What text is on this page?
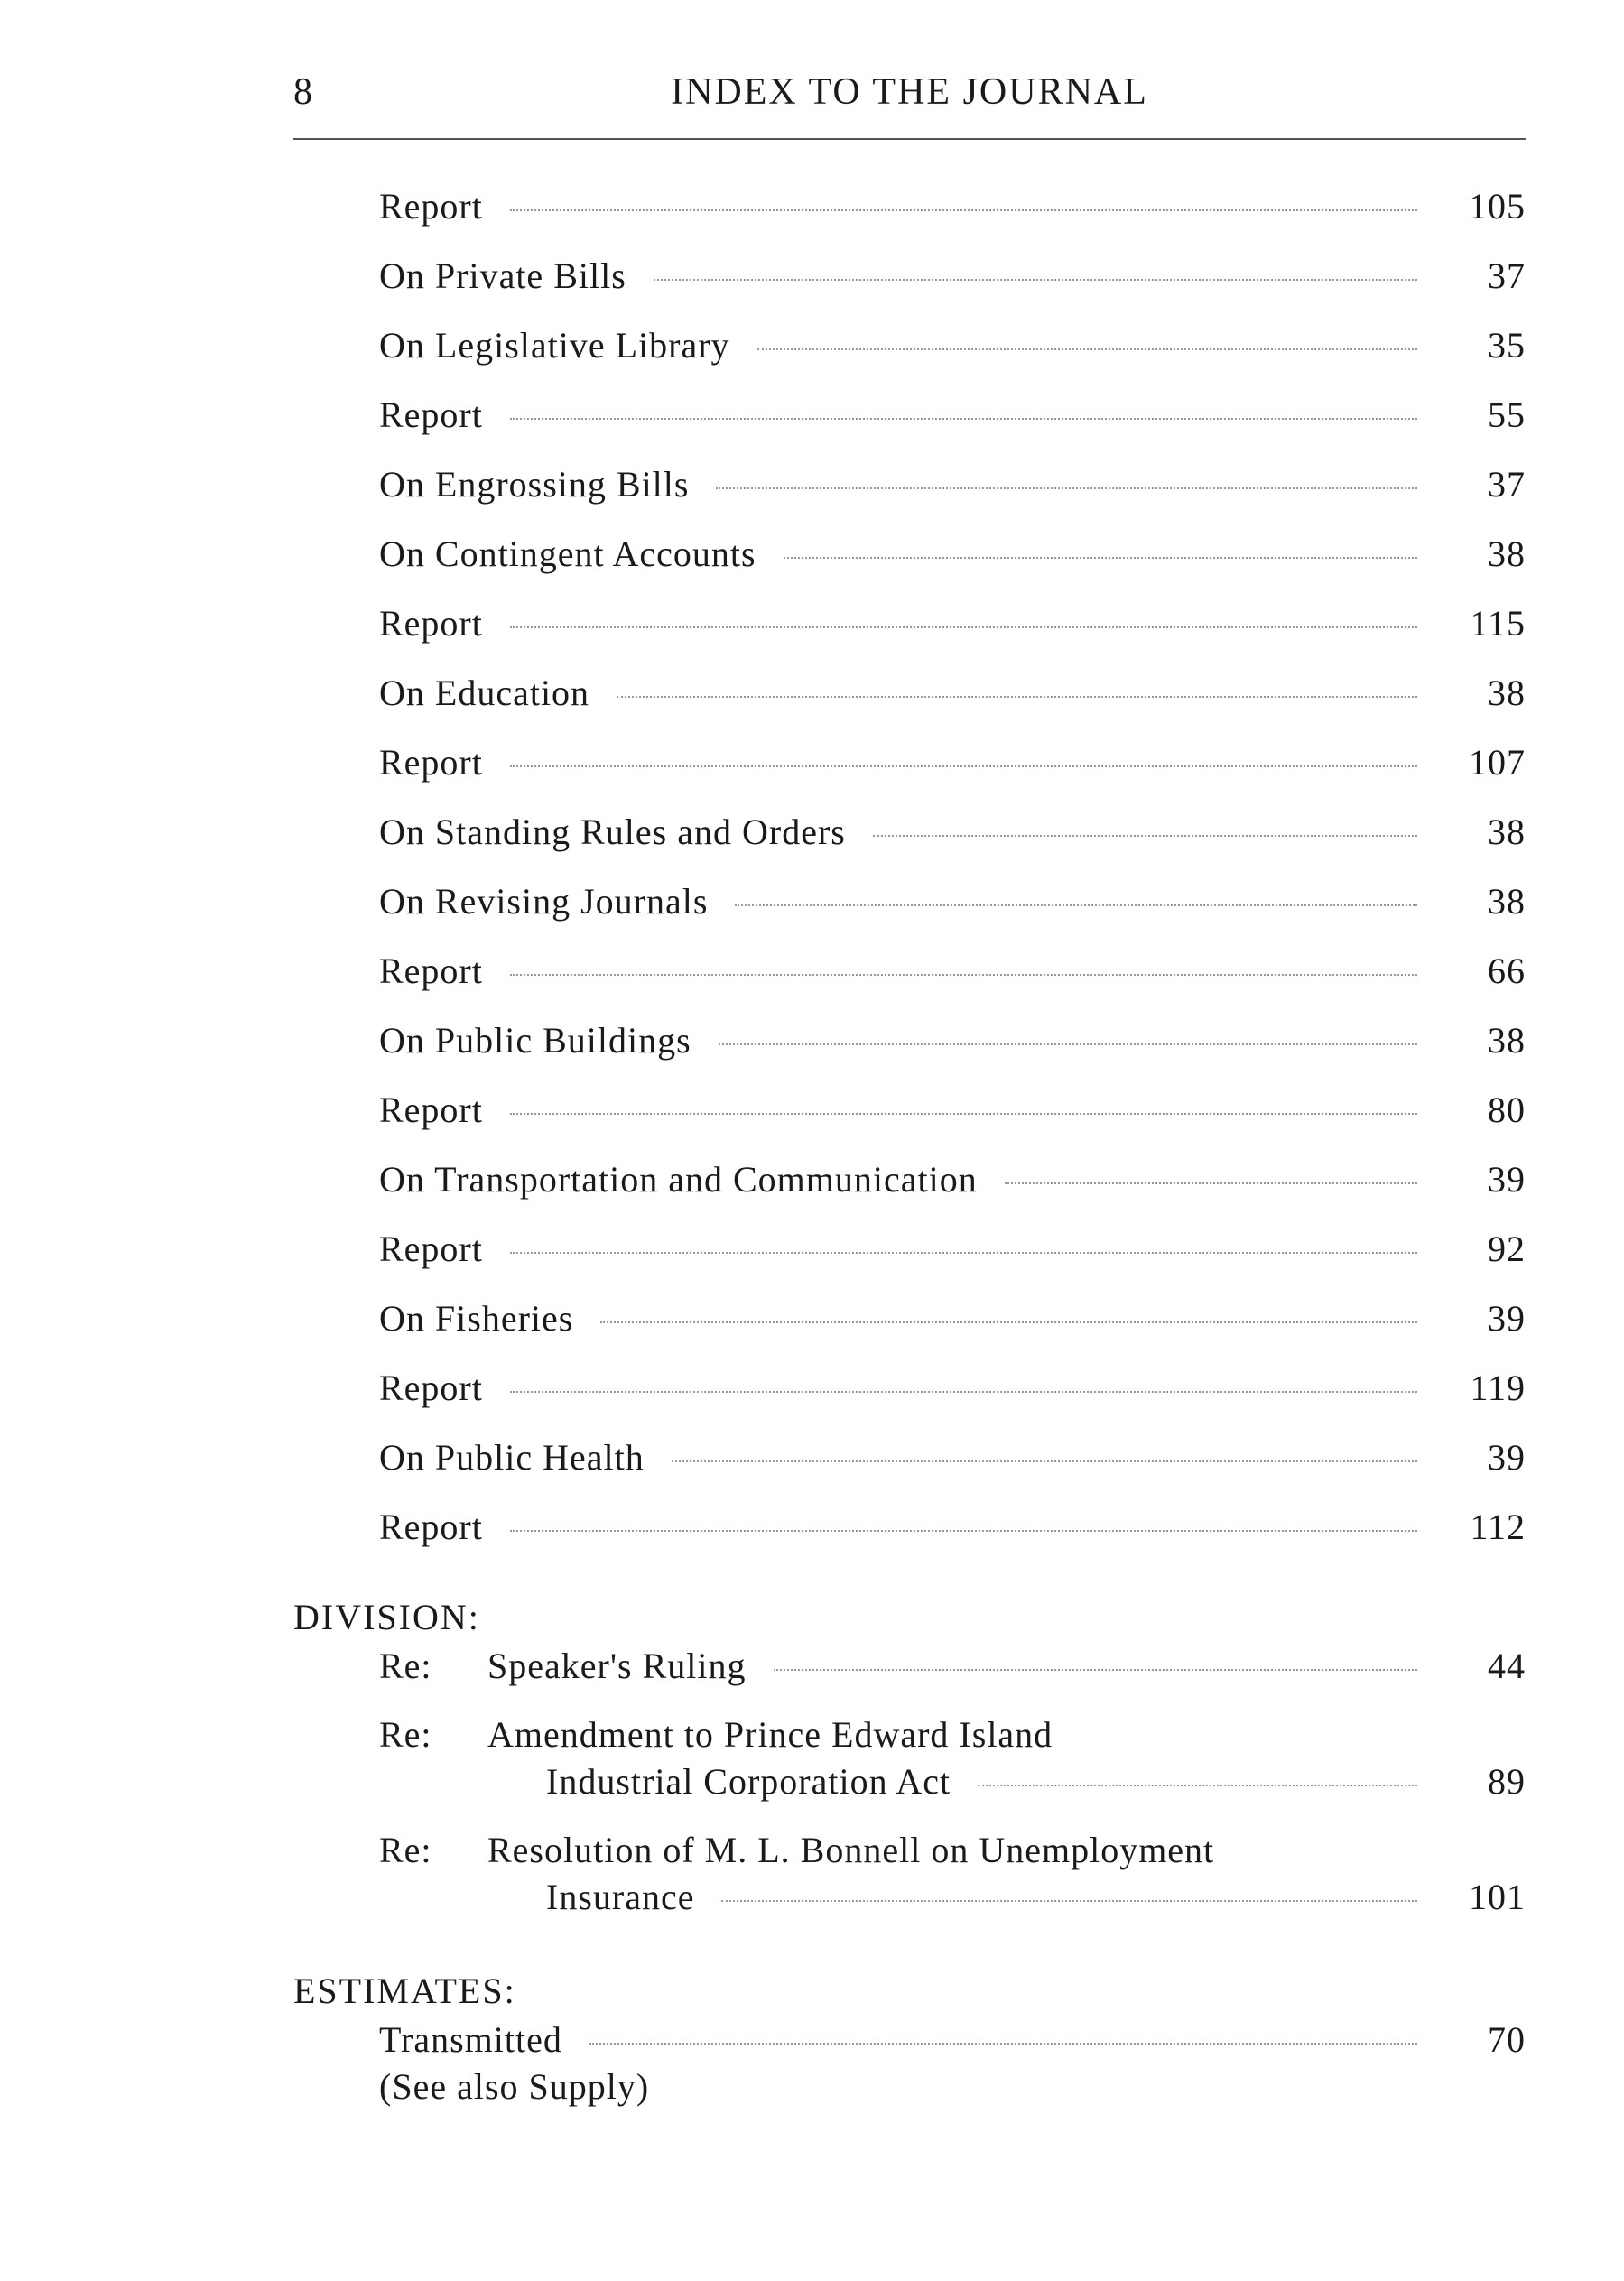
8	INDEX TO THE JOURNAL
Report	105
On Private Bills	37
On Legislative Library	35
Report	55
On Engrossing Bills	37
On Contingent Accounts	38
Report	115
On Education	38
Report	107
On Standing Rules and Orders	38
On Revising Journals	38
Report	66
On Public Buildings	38
Report	80
On Transportation and Communication	39
Report	92
On Fisheries	39
Report	119
On Public Health	39
Report	112
DIVISION:
Re:	Speaker's Ruling	44
Re:	Amendment to Prince Edward Island
Industrial Corporation Act	89
Re:	Resolution of M. L. Bonnell on Unemployment
Insurance	101
ESTIMATES:
Transmitted	70
(See also Supply)
